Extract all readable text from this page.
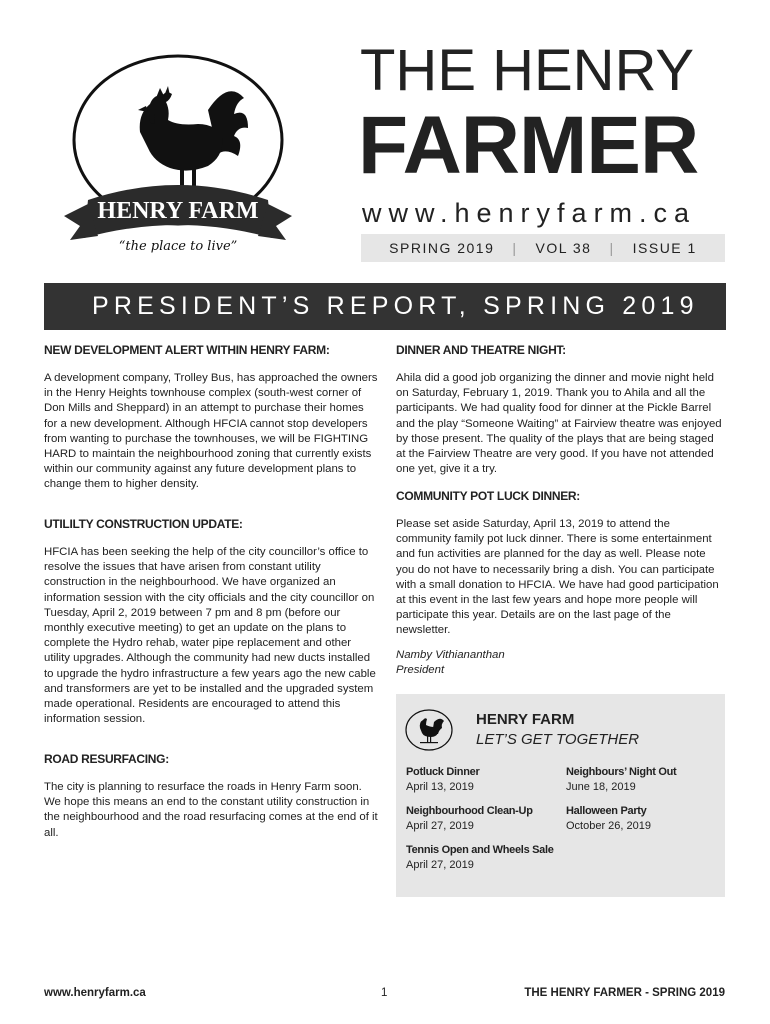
HENRY FARM
“the place to live”
THE HENRY
FARMER
www.henryfarm.ca
SPRING 2019 | VOL 38 | ISSUE 1
PRESIDENT’S REPORT, SPRING 2019
NEW DEVELOPMENT ALERT WITHIN HENRY FARM:

A development company, Trolley Bus, has approached the owners in the Henry Heights townhouse complex (south-west corner of Don Mills and Sheppard) in an attempt to purchase their homes for a new development. Although HFCIA cannot stop developers from wanting to purchase the townhouses, we will be FIGHTING HARD to maintain the neighbourhood zoning that currently exists within our community against any future development plans to change them to higher density.

UTILILTY CONSTRUCTION UPDATE:

HFCIA has been seeking the help of the city councillor’s office to resolve the issues that have arisen from constant utility construction in the neighbourhood. We have organized an information session with the city officials and the city councillor on Tuesday, April 2, 2019 between 7 pm and 8 pm (before our monthly executive meeting) to get an update on the plans to complete the Hydro rehab, water pipe replacement and other utility upgrades. Although the community had new ducts installed to upgrade the hydro infrastructure a few years ago the new cable and transformers are yet to be installed and the upgraded system made operational. Residents are encouraged to attend this information session.

ROAD RESURFACING:

The city is planning to resurface the roads in Henry Farm soon. We hope this means an end to the constant utility construction in the neighbourhood and the road resurfacing comes at the end of it all.

DINNER AND THEATRE NIGHT:

Ahila did a good job organizing the dinner and movie night held on Saturday, February 1, 2019. Thank you to Ahila and all the participants. We had quality food for dinner at the Pickle Barrel and the play “Someone Waiting” at Fairview theatre was enjoyed by those present. The quality of the plays that are being staged at the Fairview Theatre are very good. If you have not attended one yet, give it a try.

COMMUNITY POT LUCK DINNER:

Please set aside Saturday, April 13, 2019 to attend the community family pot luck dinner. There is some entertainment and fun activities are planned for the day as well. Please note you do not have to necessarily bring a dish. You can participate with a small donation to HFCIA. We have had good participation at this event in the last few years and hope more people will participate this year. Details are on the last page of the newsletter.

Namby Vithiananthan
President
HENRY FARM
LET’S GET TOGETHER
Potluck Dinner
April 13, 2019
Neighbours’ Night Out
June 18, 2019
Neighbourhood Clean-Up
April 27, 2019
Halloween Party
October 26, 2019
Tennis Open and Wheels Sale
April 27, 2019
www.henryfarm.ca	1	THE HENRY FARMER - SPRING 2019
